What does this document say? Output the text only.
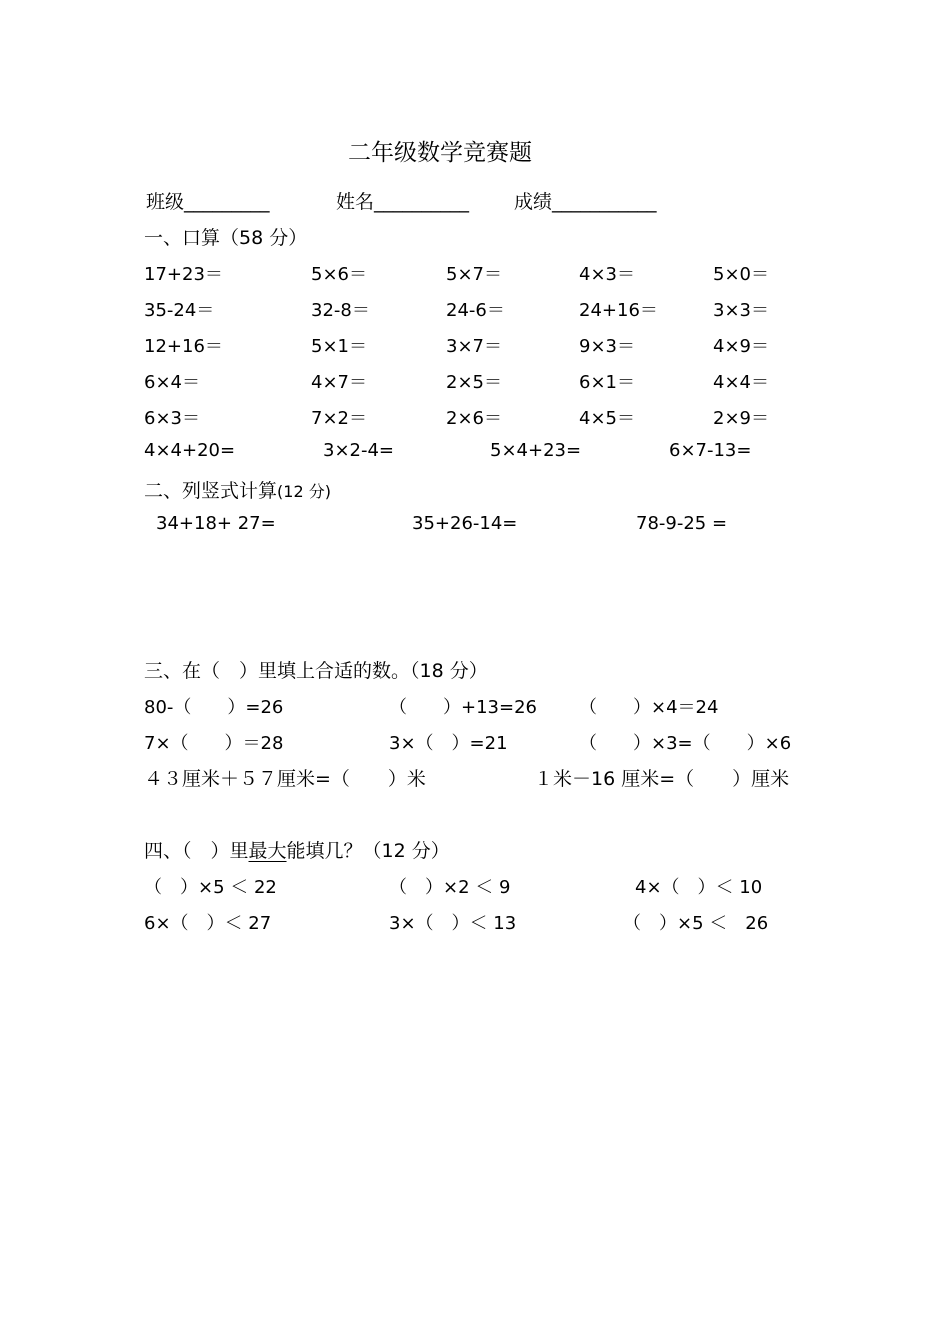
二年级数学竞赛题
班级_________	姓名__________ 成绩___________
一、口算（58 分）
17+23＝	5×6＝	5×7＝	4×3＝	5×0＝
35-24＝	32-8＝	24-6＝	24+16＝	3×3＝
12+16＝	5×1＝	3×7＝	9×3＝	4×9＝
6×4＝	4×7＝	2×5＝	6×1＝	4×4＝
6×3＝	7×2＝	2×6＝	4×5＝	2×9＝
4×4+20=	3×2-4=	5×4+23=	6×7-13=
二、列竖式计算(12 分)
34+18+ 27=	35+26-14=	78-9-25 =
三、在（　）里填上合适的数。（18 分）
80-（　　）=26	（　　）+13=26 （　　）×4＝24
7×（　　）＝28	3×（　）=21	（　　）×3=（　　）×6
４３厘米＋５７厘米=（　　）米	１米－16 厘米=（　　）厘米
四、（　）里最大能填几？（12 分）
（　）×5 ＜ 22	（　）×2 ＜ 9	4×（　）＜ 10
6×（　）＜ 27	3×（　）＜ 13	（　）×5 ＜　26
